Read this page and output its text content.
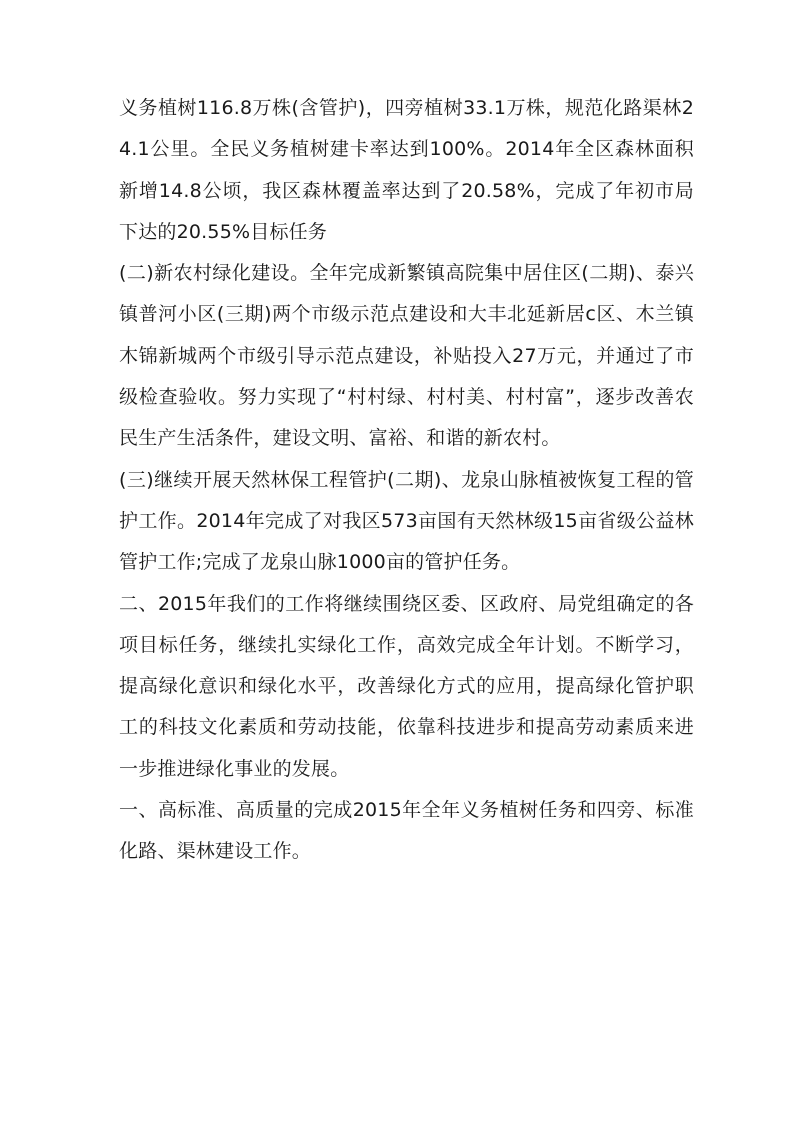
义务植树116.8万株(含管护)，四旁植树33.1万株，规范化路渠林24.1公里。全民义务植树建卡率达到100%。2014年全区森林面积新增14.8公顷，我区森林覆盖率达到了20.58%，完成了年初市局下达的20.55%目标任务

(二)新农村绿化建设。全年完成新繁镇高院集中居住区(二期)、泰兴镇普河小区(三期)两个市级示范点建设和大丰北延新居c区、木兰镇木锦新城两个市级引导示范点建设，补贴投入27万元，并通过了市级检查验收。努力实现了“村村绿、村村美、村村富”，逐步改善农民生产生活条件，建设文明、富裕、和谐的新农村。

(三)继续开展天然林保工程管护(二期)、龙泉山脉植被恢复工程的管护工作。2014年完成了对我区573亩国有天然林级15亩省级公益林管护工作;完成了龙泉山脉1000亩的管护任务。

二、2015年我们的工作将继续围绕区委、区政府、局党组确定的各项目标任务，继续扎实绿化工作，高效完成全年计划。不断学习，提高绿化意识和绿化水平，改善绿化方式的应用，提高绿化管护职工的科技文化素质和劳动技能，依靠科技进步和提高劳动素质来进一步推进绿化事业的发展。

一、高标准、高质量的完成2015年全年义务植树任务和四旁、标准化路、渠林建设工作。
